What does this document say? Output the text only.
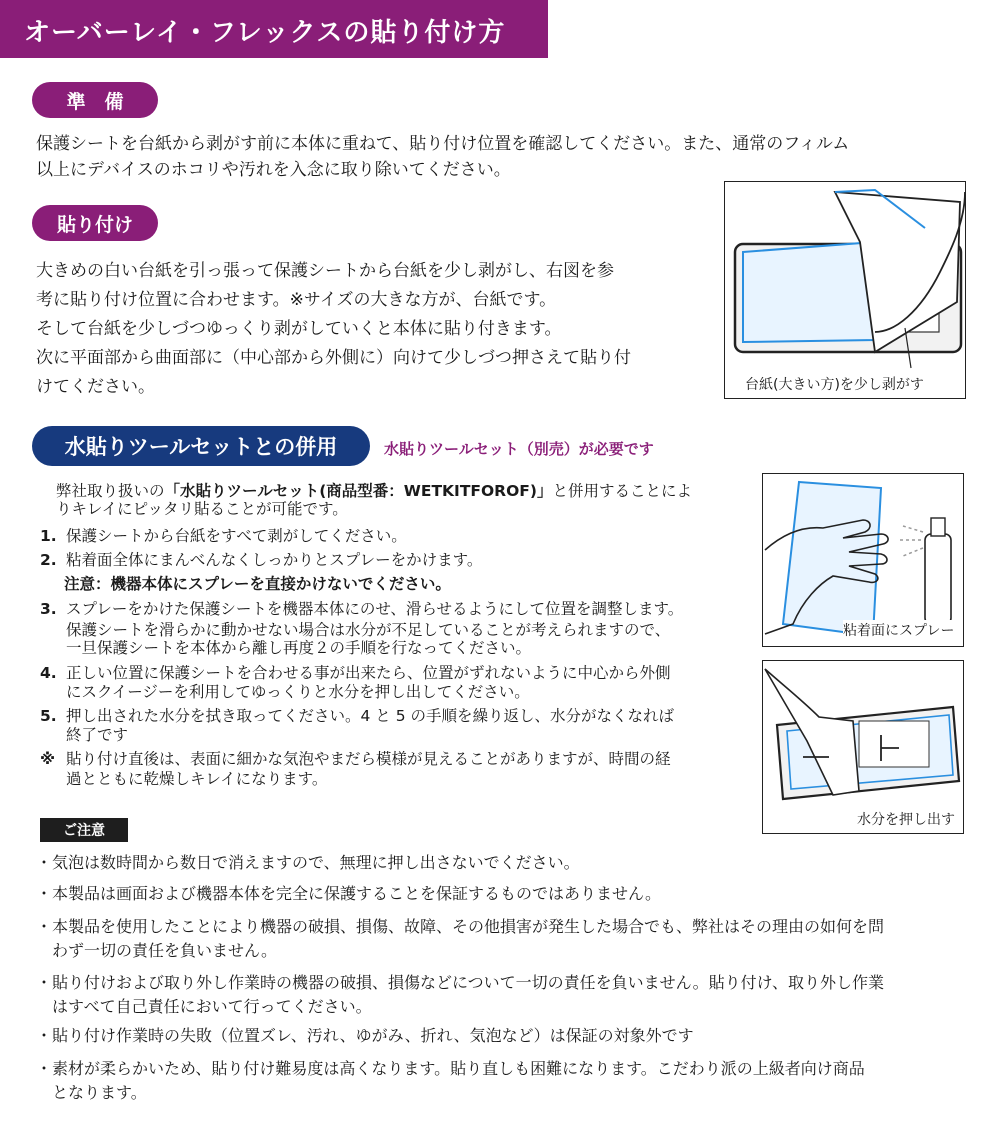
オーバーレイ・フレックスの貼り付け方
準　備
保護シートを台紙から剥がす前に本体に重ねて、貼り付け位置を確認してください。また、通常のフィルム
以上にデバイスのホコリや汚れを入念に取り除いてください。
貼り付け
大きめの白い台紙を引っ張って保護シートから台紙を少し剥がし、右図を参
考に貼り付け位置に合わせます。※サイズの大きな方が、台紙です。
そして台紙を少しづつゆっくり剥がしていくと本体に貼り付きます。
次に平面部から曲面部に（中心部から外側に）向けて少しづつ押さえて貼り付
けてください。	台紙(大きい方)を少し剥がす
水貼りツールセットとの併用	水貼りツールセット（別売）が必要です
弊社取り扱いの「水貼りツールセット(商品型番：WETKITFOROF)」と併用することによ
りキレイにピッタリ貼ることが可能です。
1. 保護シートから台紙をすべて剥がしてください。
2. 粘着面全体にまんべんなくしっかりとスプレーをかけます。
注意：機器本体にスプレーを直接かけないでください。
3. スプレーをかけた保護シートを機器本体にのせ、滑らせるようにして位置を調整します。
保護シートを滑らかに動かせない場合は水分が不足していることが考えられますので、
一旦保護シートを本体から離し再度２の手順を行なってください。
4. 正しい位置に保護シートを合わせる事が出来たら、位置がずれないように中心から外側
にスクイージーを利用してゆっくりと水分を押し出してください。
5. 押し出された水分を拭き取ってください。4 と 5 の手順を繰り返し、水分がなくなれば
終了です
※ 貼り付け直後は、表面に細かな気泡やまだら模様が見えることがありますが、時間の経
過とともに乾燥しキレイになります。
粘着面にスプレー
水分を押し出す
ご注意
・気泡は数時間から数日で消えますので、無理に押し出さないでください。
・本製品は画面および機器本体を完全に保護することを保証するものではありません。
・本製品を使用したことにより機器の破損、損傷、故障、その他損害が発生した場合でも、弊社はその理由の如何を問
　わず一切の責任を負いません。
・貼り付けおよび取り外し作業時の機器の破損、損傷などについて一切の責任を負いません。貼り付け、取り外し作業
　はすべて自己責任において行ってください。
・貼り付け作業時の失敗（位置ズレ、汚れ、ゆがみ、折れ、気泡など）は保証の対象外です
・素材が柔らかいため、貼り付け難易度は高くなります。貼り直しも困難になります。こだわり派の上級者向け商品
　となります。
